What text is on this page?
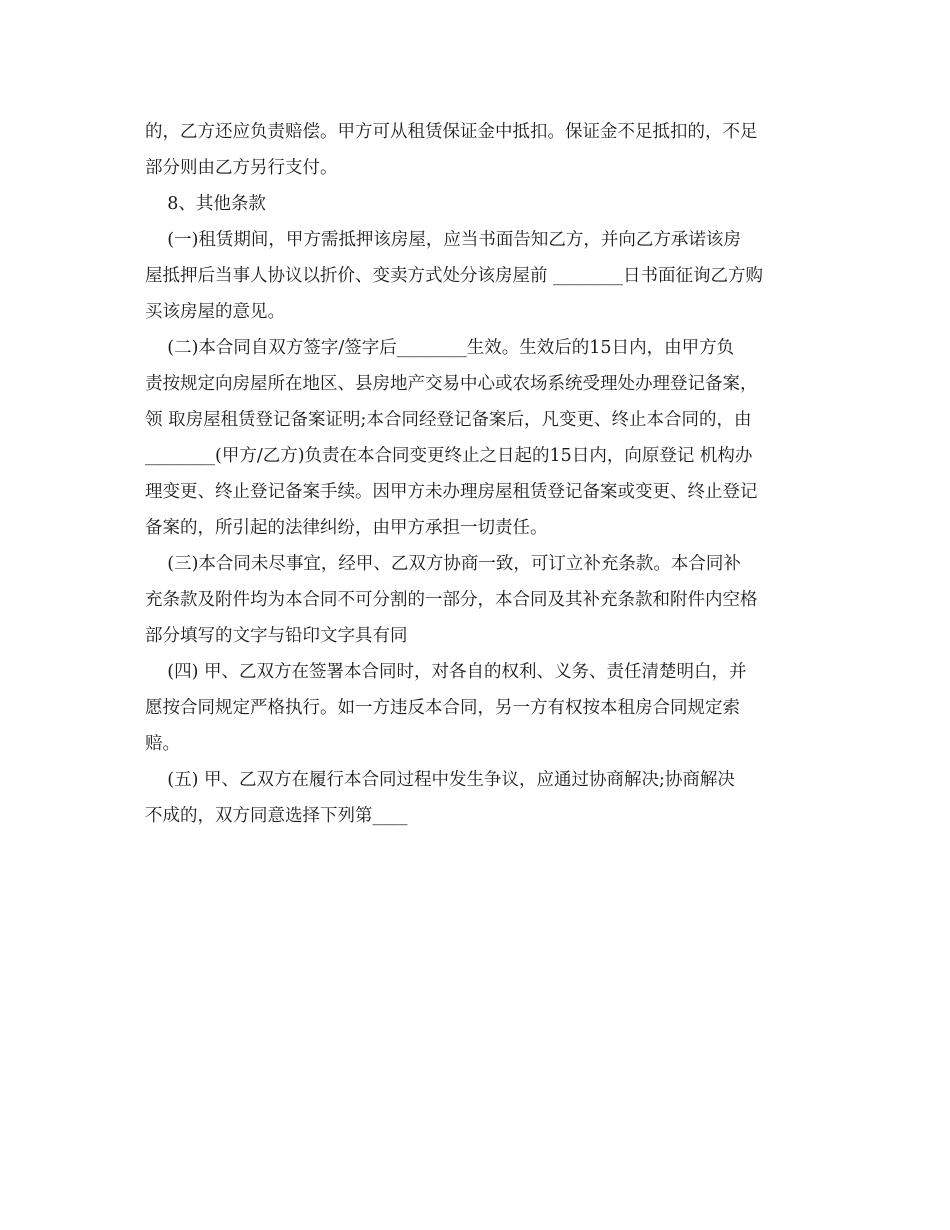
的，乙方还应负责赔偿。甲方可从租赁保证金中抵扣。保证金不足抵扣的，不足
部分则由乙方另行支付。
8、其他条款
(一)租赁期间，甲方需抵押该房屋，应当书面告知乙方，并向乙方承诺该房
屋抵押后当事人协议以折价、变卖方式处分该房屋前 ________日书面征询乙方购
买该房屋的意见。
(二)本合同自双方签字/签字后________生效。生效后的15日内，由甲方负
责按规定向房屋所在地区、县房地产交易中心或农场系统受理处办理登记备案，
领 取房屋租赁登记备案证明;本合同经登记备案后，凡变更、终止本合同的，由
________(甲方/乙方)负责在本合同变更终止之日起的15日内，向原登记 机构办
理变更、终止登记备案手续。因甲方未办理房屋租赁登记备案或变更、终止登记
备案的，所引起的法律纠纷，由甲方承担一切责任。
(三)本合同未尽事宜，经甲、乙双方协商一致，可订立补充条款。本合同补
充条款及附件均为本合同不可分割的一部分，本合同及其补充条款和附件内空格
部分填写的文字与铅印文字具有同
(四) 甲、乙双方在签署本合同时，对各自的权利、义务、责任清楚明白，并
愿按合同规定严格执行。如一方违反本合同，另一方有权按本租房合同规定索
赔。
(五) 甲、乙双方在履行本合同过程中发生争议，应通过协商解决;协商解决
不成的，双方同意选择下列第____
